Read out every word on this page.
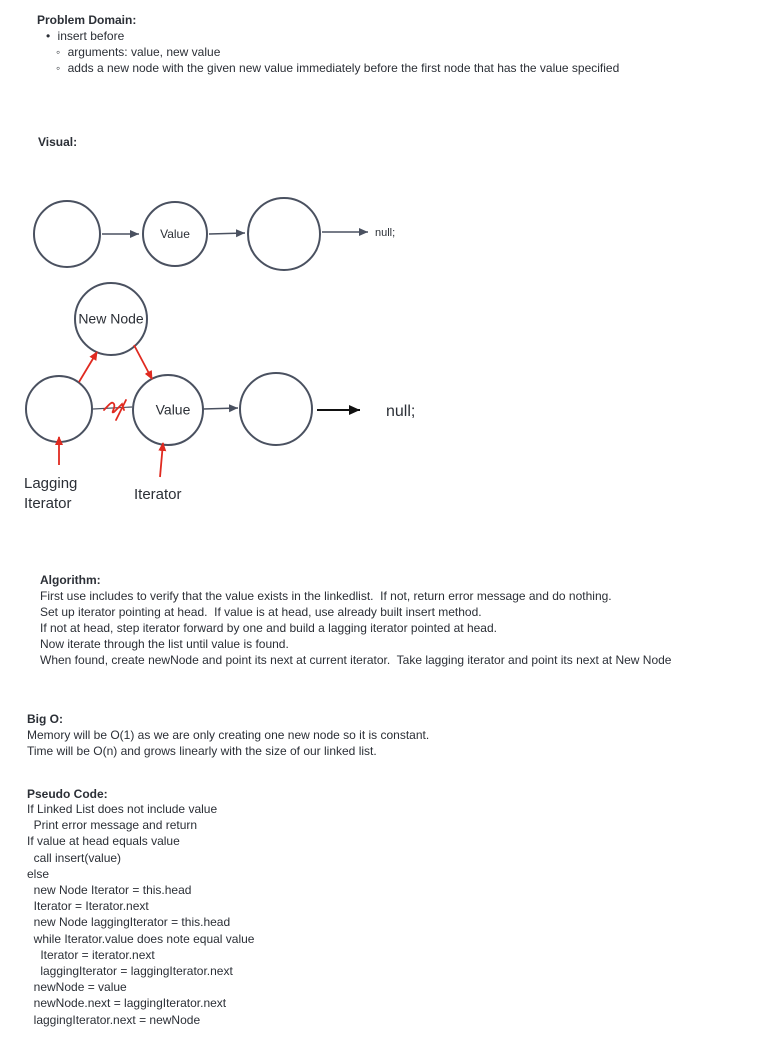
Problem Domain:
• insert before
◦ arguments: value, new value
◦ adds a new node with the given new value immediately before the first node that has the value specified
Visual:
Value	null;
New Node
Value	null;
Lagging
Iterator
Iterator
Algorithm:
First use includes to verify that the value exists in the linkedlist.  If not, return error message and do nothing.
Set up iterator pointing at head.  If value is at head, use already built insert method.
If not at head, step iterator forward by one and build a lagging iterator pointed at head.
Now iterate through the list until value is found.
When found, create newNode and point its next at current iterator.  Take lagging iterator and point its next at New Node
Big O:
Memory will be O(1) as we are only creating one new node so it is constant.
Time will be O(n) and grows linearly with the size of our linked list.
Pseudo Code:
If Linked List does not include value
Print error message and return
If value at head equals value
call insert(value)
else
new Node Iterator = this.head
Iterator = Iterator.next
new Node laggingIterator = this.head
while Iterator.value does note equal value
Iterator = iterator.next
laggingIterator = laggingIterator.next
newNode = value
newNode.next = laggingIterator.next
laggingIterator.next = newNode
